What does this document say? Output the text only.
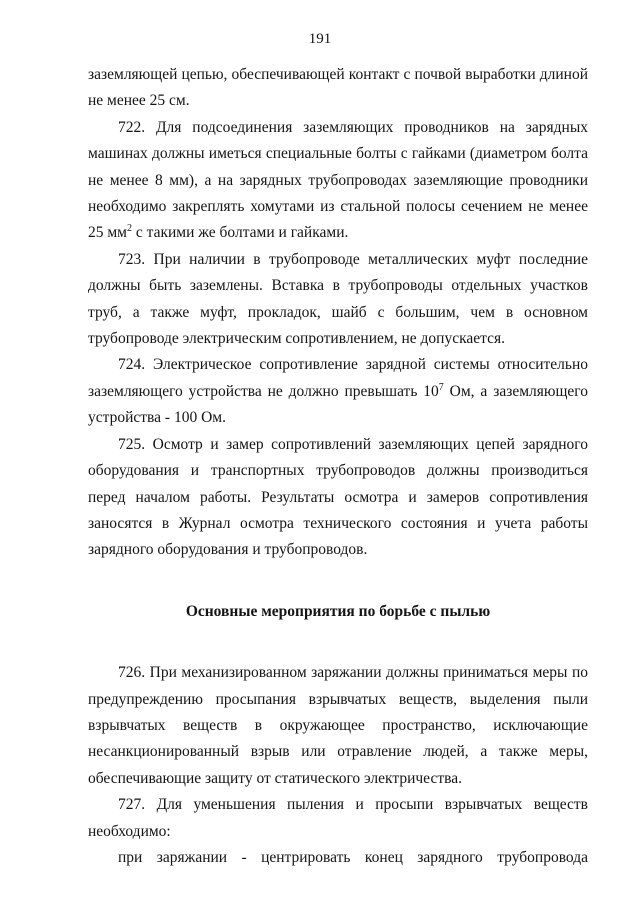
191

заземляющей цепью, обеспечивающей контакт с почвой выработки длиной не менее 25 см.

722. Для подсоединения заземляющих проводников на зарядных машинах должны иметься специальные болты с гайками (диаметром болта не менее 8 мм), а на зарядных трубопроводах заземляющие проводники необходимо закреплять хомутами из стальной полосы сечением не менее 25 $мм^2$ с такими же болтами и гайками.

723. При наличии в трубопроводе металлических муфт последние должны быть заземлены. Вставка в трубопроводы отдельных участков труб, а также муфт, прокладок, шайб с большим, чем в основном трубопроводе электрическим сопротивлением, не допускается.

724. Электрическое сопротивление зарядной системы относительно заземляющего устройства не должно превышать $10^7$ Ом, а заземляющего устройства - 100 Ом.

725. Осмотр и замер сопротивлений заземляющих цепей зарядного оборудования и транспортных трубопроводов должны производиться перед началом работы. Результаты осмотра и замеров сопротивления заносятся в Журнал осмотра технического состояния и учета работы зарядного оборудования и трубопроводов.

Основные мероприятия по борьбе с пылью

726. При механизированном заряжании должны приниматься меры по предупреждению просыпания взрывчатых веществ, выделения пыли взрывчатых веществ в окружающее пространство, исключающие несанкционированный взрыв или отравление людей, а также меры, обеспечивающие защиту от статического электричества.

727. Для уменьшения пыления и просыпи взрывчатых веществ необходимо:

при заряжании - центрировать конец зарядного трубопровода
